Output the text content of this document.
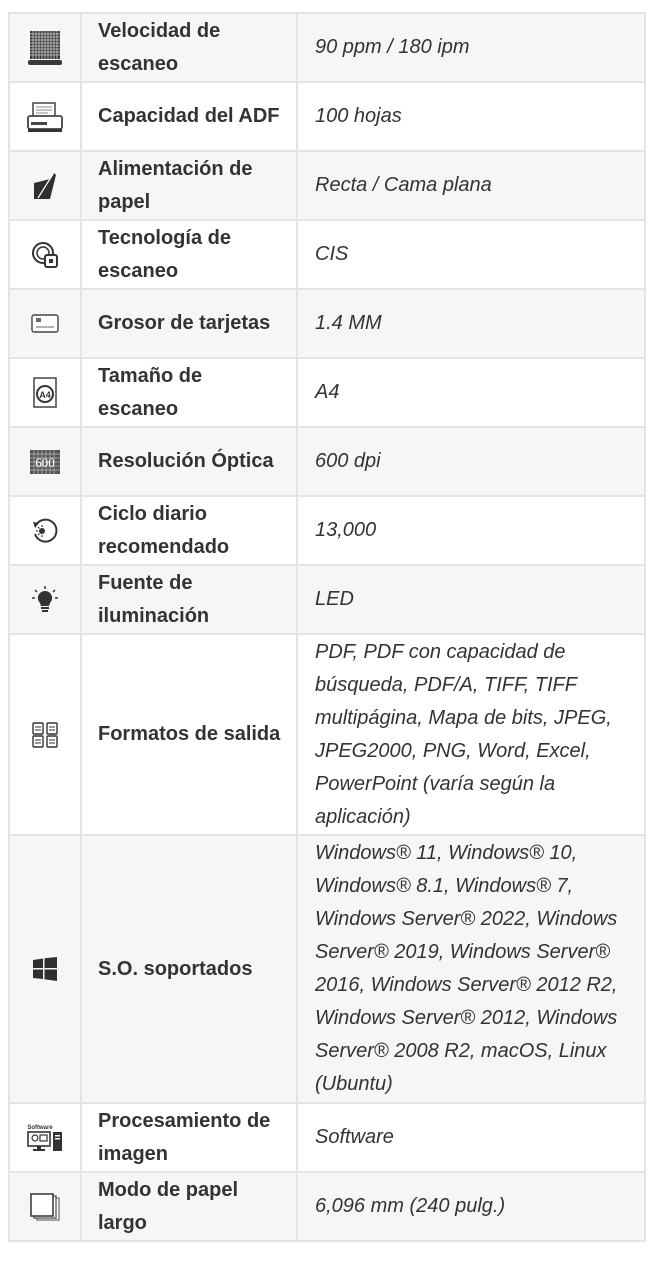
	Velocidad de escaneo	90 ppm / 180 ipm
	Capacidad del ADF	100 hojas
	Alimentación de papel	Recta / Cama plana
	Tecnología de escaneo	CIS
	Grosor de tarjetas	1.4 MM

A4	Tamaño de escaneo	A4

600	Resolución Óptica	600 dpi
	Ciclo diario recomendado	13,000
	Fuente de iluminación	LED
	Formatos de salida	PDF, PDF con capacidad de búsqueda, PDF/A, TIFF, TIFF multipágina, Mapa de bits, JPEG, JPEG2000, PNG, Word, Excel, PowerPoint (varía según la aplicación)
	S.O. soportados	Windows® 11, Windows® 10, Windows® 8.1, Windows® 7, Windows Server® 2022, Windows Server® 2019, Windows Server® 2016, Windows Server® 2012 R2, Windows Server® 2012, Windows Server® 2008 R2, macOS, Linux (Ubuntu)

Software	Procesamiento de imagen	Software
	Modo de papel largo	6,096 mm (240 pulg.)
